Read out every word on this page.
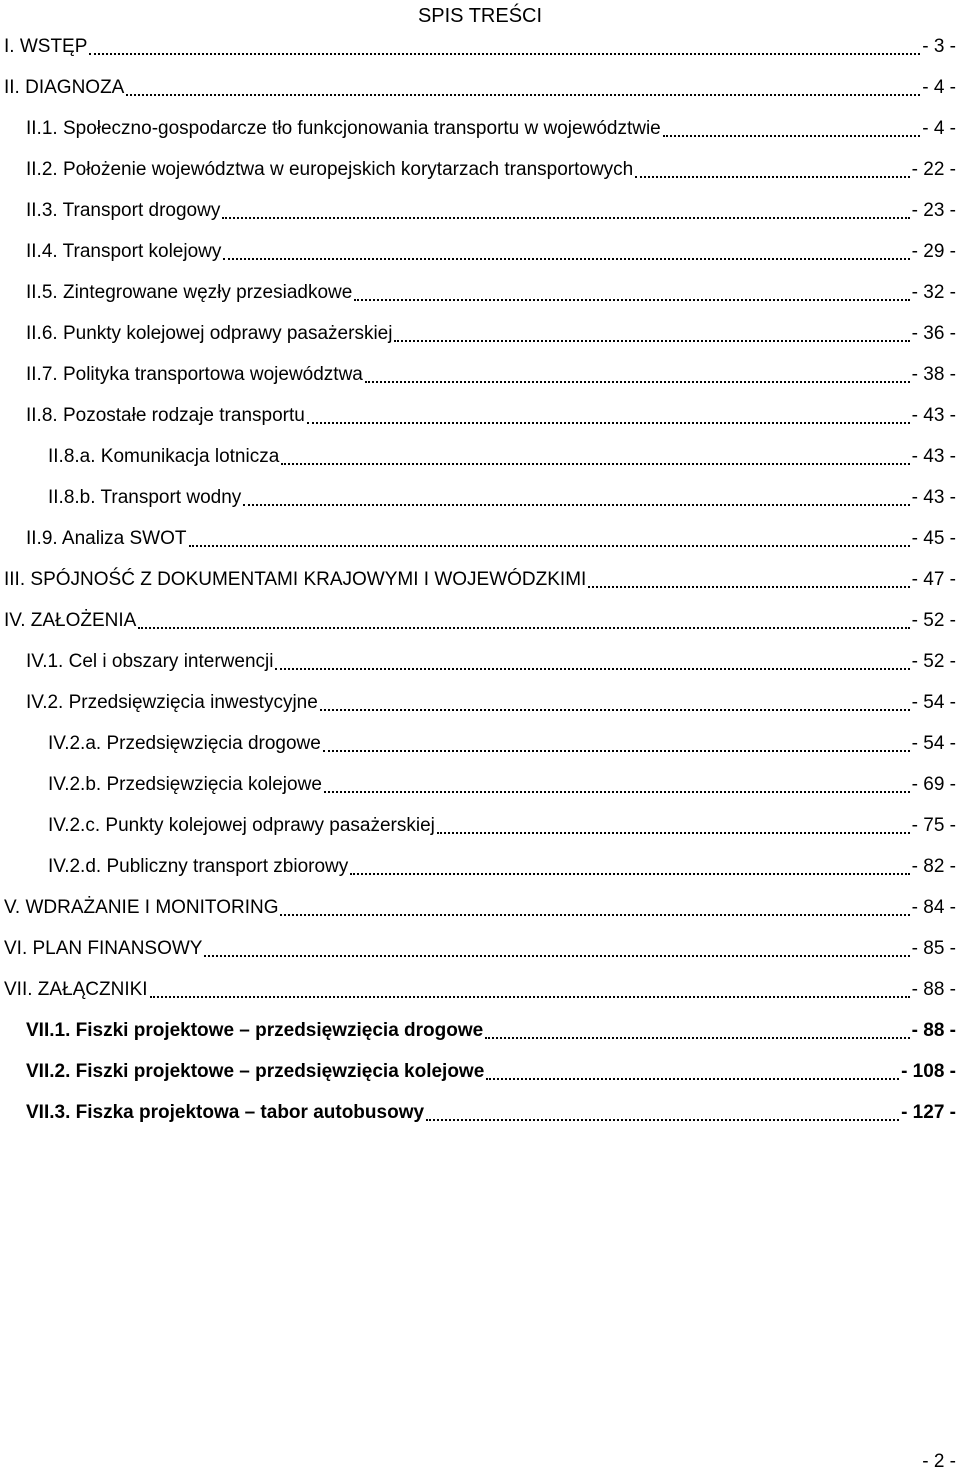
SPIS TREŚCI
I. WSTĘP	- 3 -
II. DIAGNOZA	- 4 -
II.1. Społeczno-gospodarcze tło funkcjonowania transportu w województwie	- 4 -
II.2. Położenie województwa w europejskich korytarzach transportowych	- 22 -
II.3. Transport drogowy	- 23 -
II.4. Transport kolejowy	- 29 -
II.5. Zintegrowane węzły przesiadkowe	- 32 -
II.6. Punkty kolejowej odprawy pasażerskiej	- 36 -
II.7. Polityka transportowa województwa	- 38 -
II.8. Pozostałe rodzaje transportu	- 43 -
II.8.a. Komunikacja lotnicza	- 43 -
II.8.b. Transport wodny	- 43 -
II.9. Analiza SWOT	- 45 -
III. SPÓJNOŚĆ Z DOKUMENTAMI KRAJOWYMI I WOJEWÓDZKIMI	- 47 -
IV. ZAŁOŻENIA	- 52 -
IV.1. Cel i obszary interwencji	- 52 -
IV.2. Przedsięwzięcia inwestycyjne	- 54 -
IV.2.a. Przedsięwzięcia drogowe	- 54 -
IV.2.b. Przedsięwzięcia kolejowe	- 69 -
IV.2.c. Punkty kolejowej odprawy pasażerskiej	- 75 -
IV.2.d. Publiczny transport zbiorowy	- 82 -
V. WDRAŻANIE I MONITORING	- 84 -
VI. PLAN FINANSOWY	- 85 -
VII. ZAŁĄCZNIKI	- 88 -
VII.1. Fiszki projektowe – przedsięwzięcia drogowe	- 88 -
VII.2. Fiszki projektowe – przedsięwzięcia kolejowe	- 108 -
VII.3. Fiszka projektowa – tabor autobusowy	- 127 -
- 2 -
